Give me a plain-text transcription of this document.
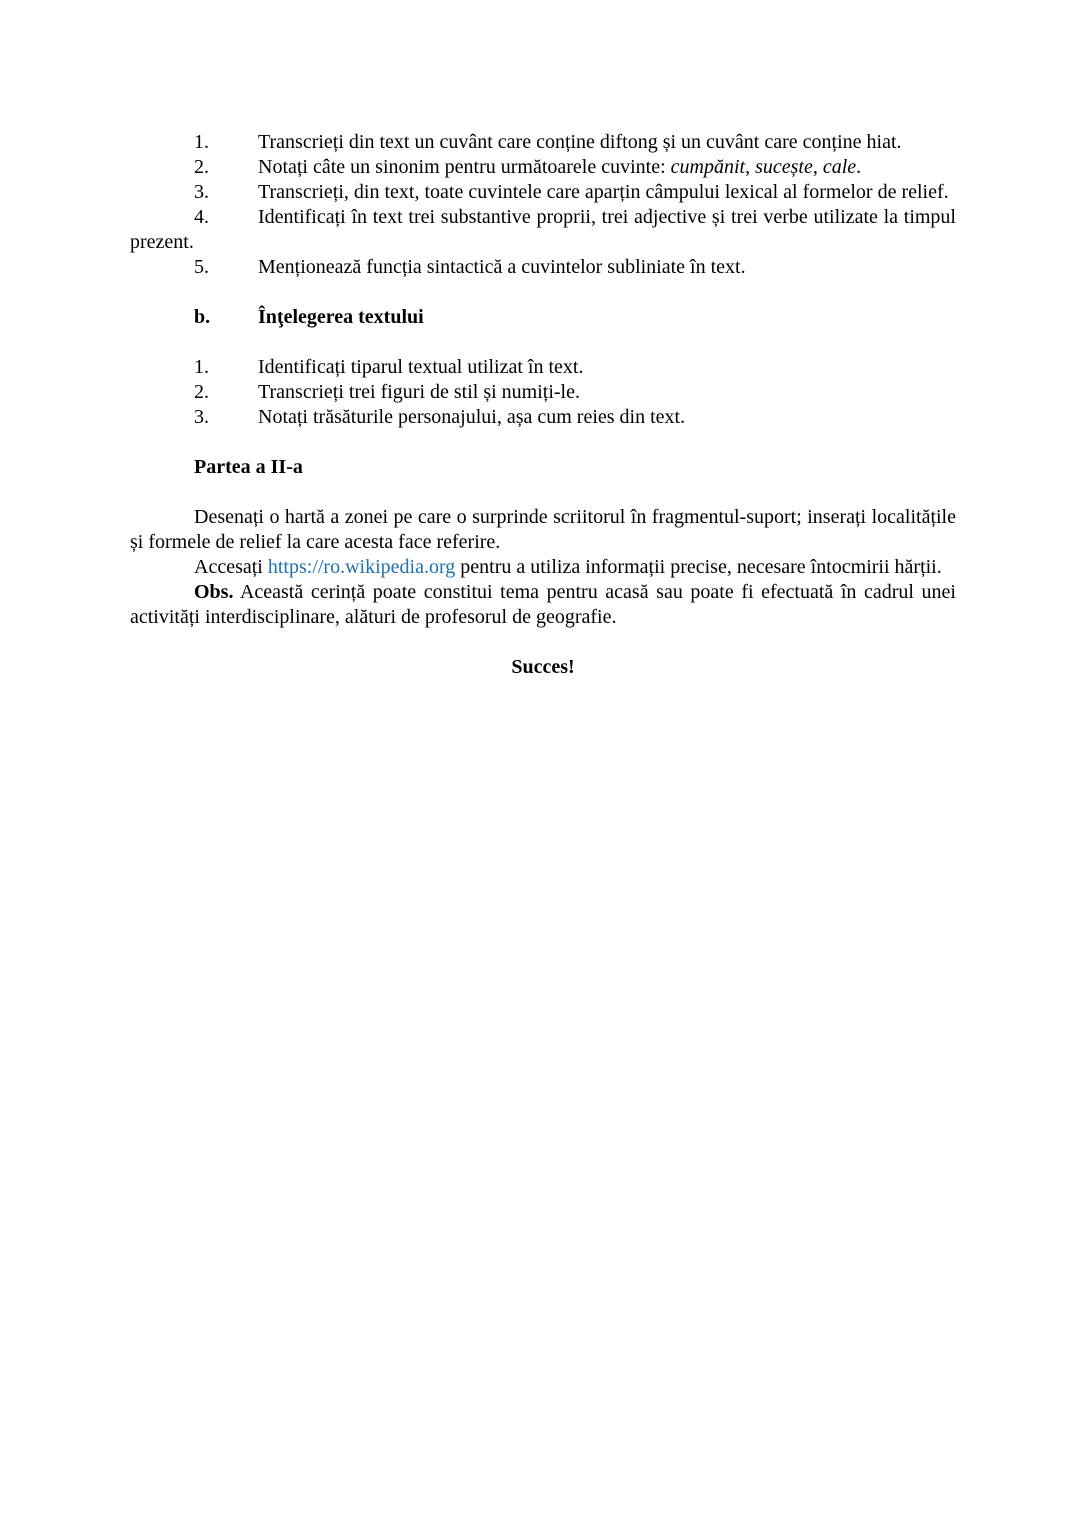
1. Transcrieți din text un cuvânt care conține diftong și un cuvânt care conține hiat.
2. Notați câte un sinonim pentru următoarele cuvinte: cumpănit, sucește, cale.
3. Transcrieți, din text, toate cuvintele care aparțin câmpului lexical al formelor de relief.
4. Identificați în text trei substantive proprii, trei adjective și trei verbe utilizate la timpul prezent.
5. Menționează funcția sintactică a cuvintelor subliniate în text.
b. Înţelegerea textului
1. Identificați tiparul textual utilizat în text.
2. Transcrieți trei figuri de stil și numiți-le.
3. Notați trăsăturile personajului, așa cum reies din text.
Partea a II-a
Desenați o hartă a zonei pe care o surprinde scriitorul în fragmentul-suport; inserați localitățile și formele de relief la care acesta face referire.
Accesați https://ro.wikipedia.org pentru a utiliza informații precise, necesare întocmirii hărții.
Obs. Această cerință poate constitui tema pentru acasă sau poate fi efectuată în cadrul unei activități interdisciplinare, alături de profesorul de geografie.
Succes!
